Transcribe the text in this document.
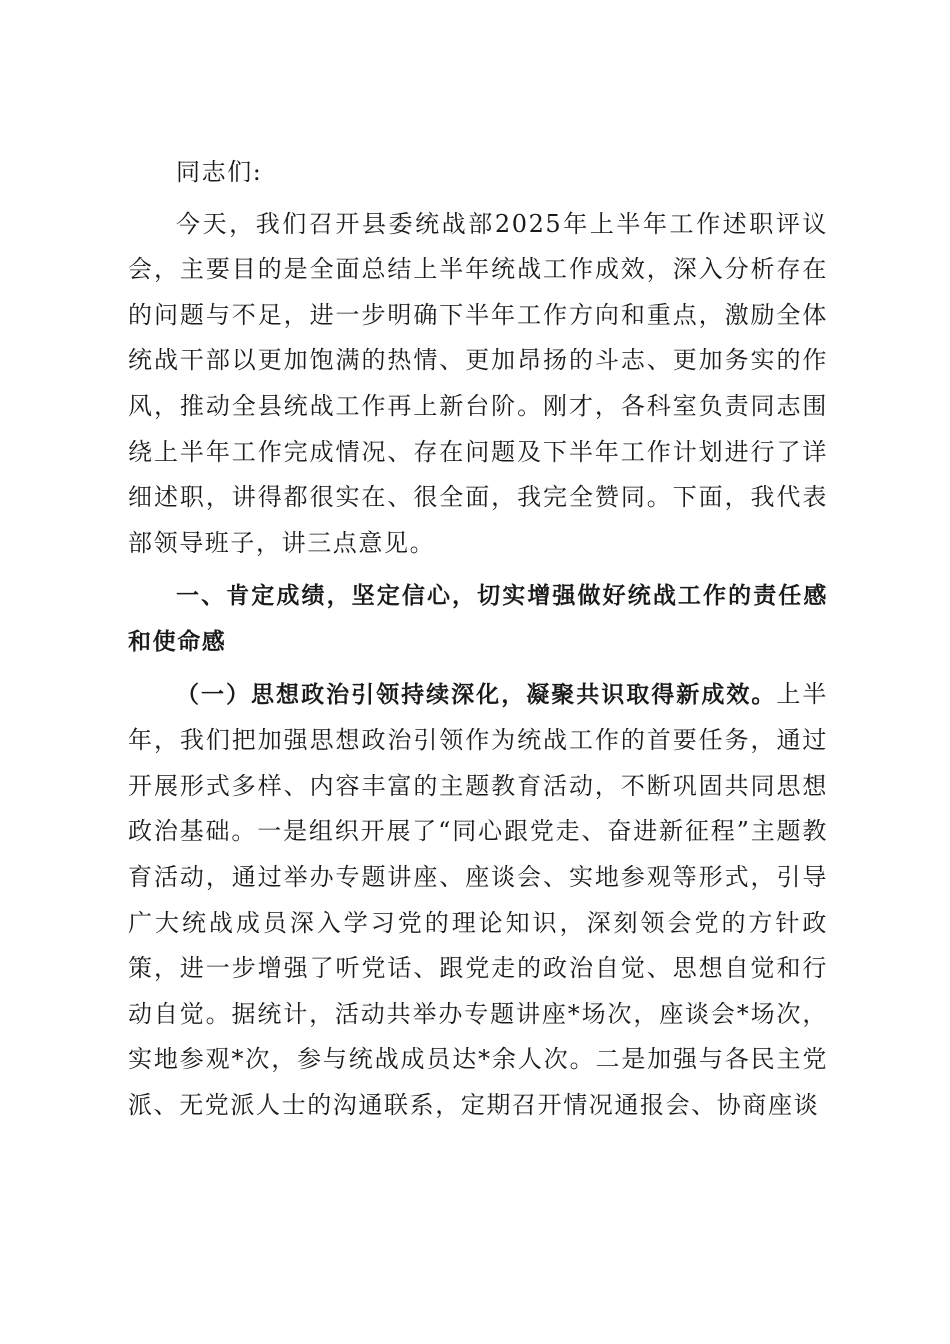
同志们:

今天，我们召开县委统战部2025年上半年工作述职评议会，主要目的是全面总结上半年统战工作成效，深入分析存在的问题与不足，进一步明确下半年工作方向和重点，激励全体统战干部以更加饱满的热情、更加昂扬的斗志、更加务实的作风，推动全县统战工作再上新台阶。刚才，各科室负责同志围绕上半年工作完成情况、存在问题及下半年工作计划进行了详细述职，讲得都很实在、很全面，我完全赞同。下面，我代表部领导班子，讲三点意见。

一、肯定成绩，坚定信心，切实增强做好统战工作的责任感和使命感

（一）思想政治引领持续深化，凝聚共识取得新成效。上半年，我们把加强思想政治引领作为统战工作的首要任务，通过开展形式多样、内容丰富的主题教育活动，不断巩固共同思想政治基础。一是组织开展了“同心跟党走、奋进新征程”主题教育活动，通过举办专题讲座、座谈会、实地参观等形式，引导广大统战成员深入学习党的理论知识，深刻领会党的方针政策，进一步增强了听党话、跟党走的政治自觉、思想自觉和行动自觉。据统计，活动共举办专题讲座*场次，座谈会*场次，实地参观*次，参与统战成员达*余人次。二是加强与各民主党派、无党派人士的沟通联系，定期召开情况通报会、协商座谈
